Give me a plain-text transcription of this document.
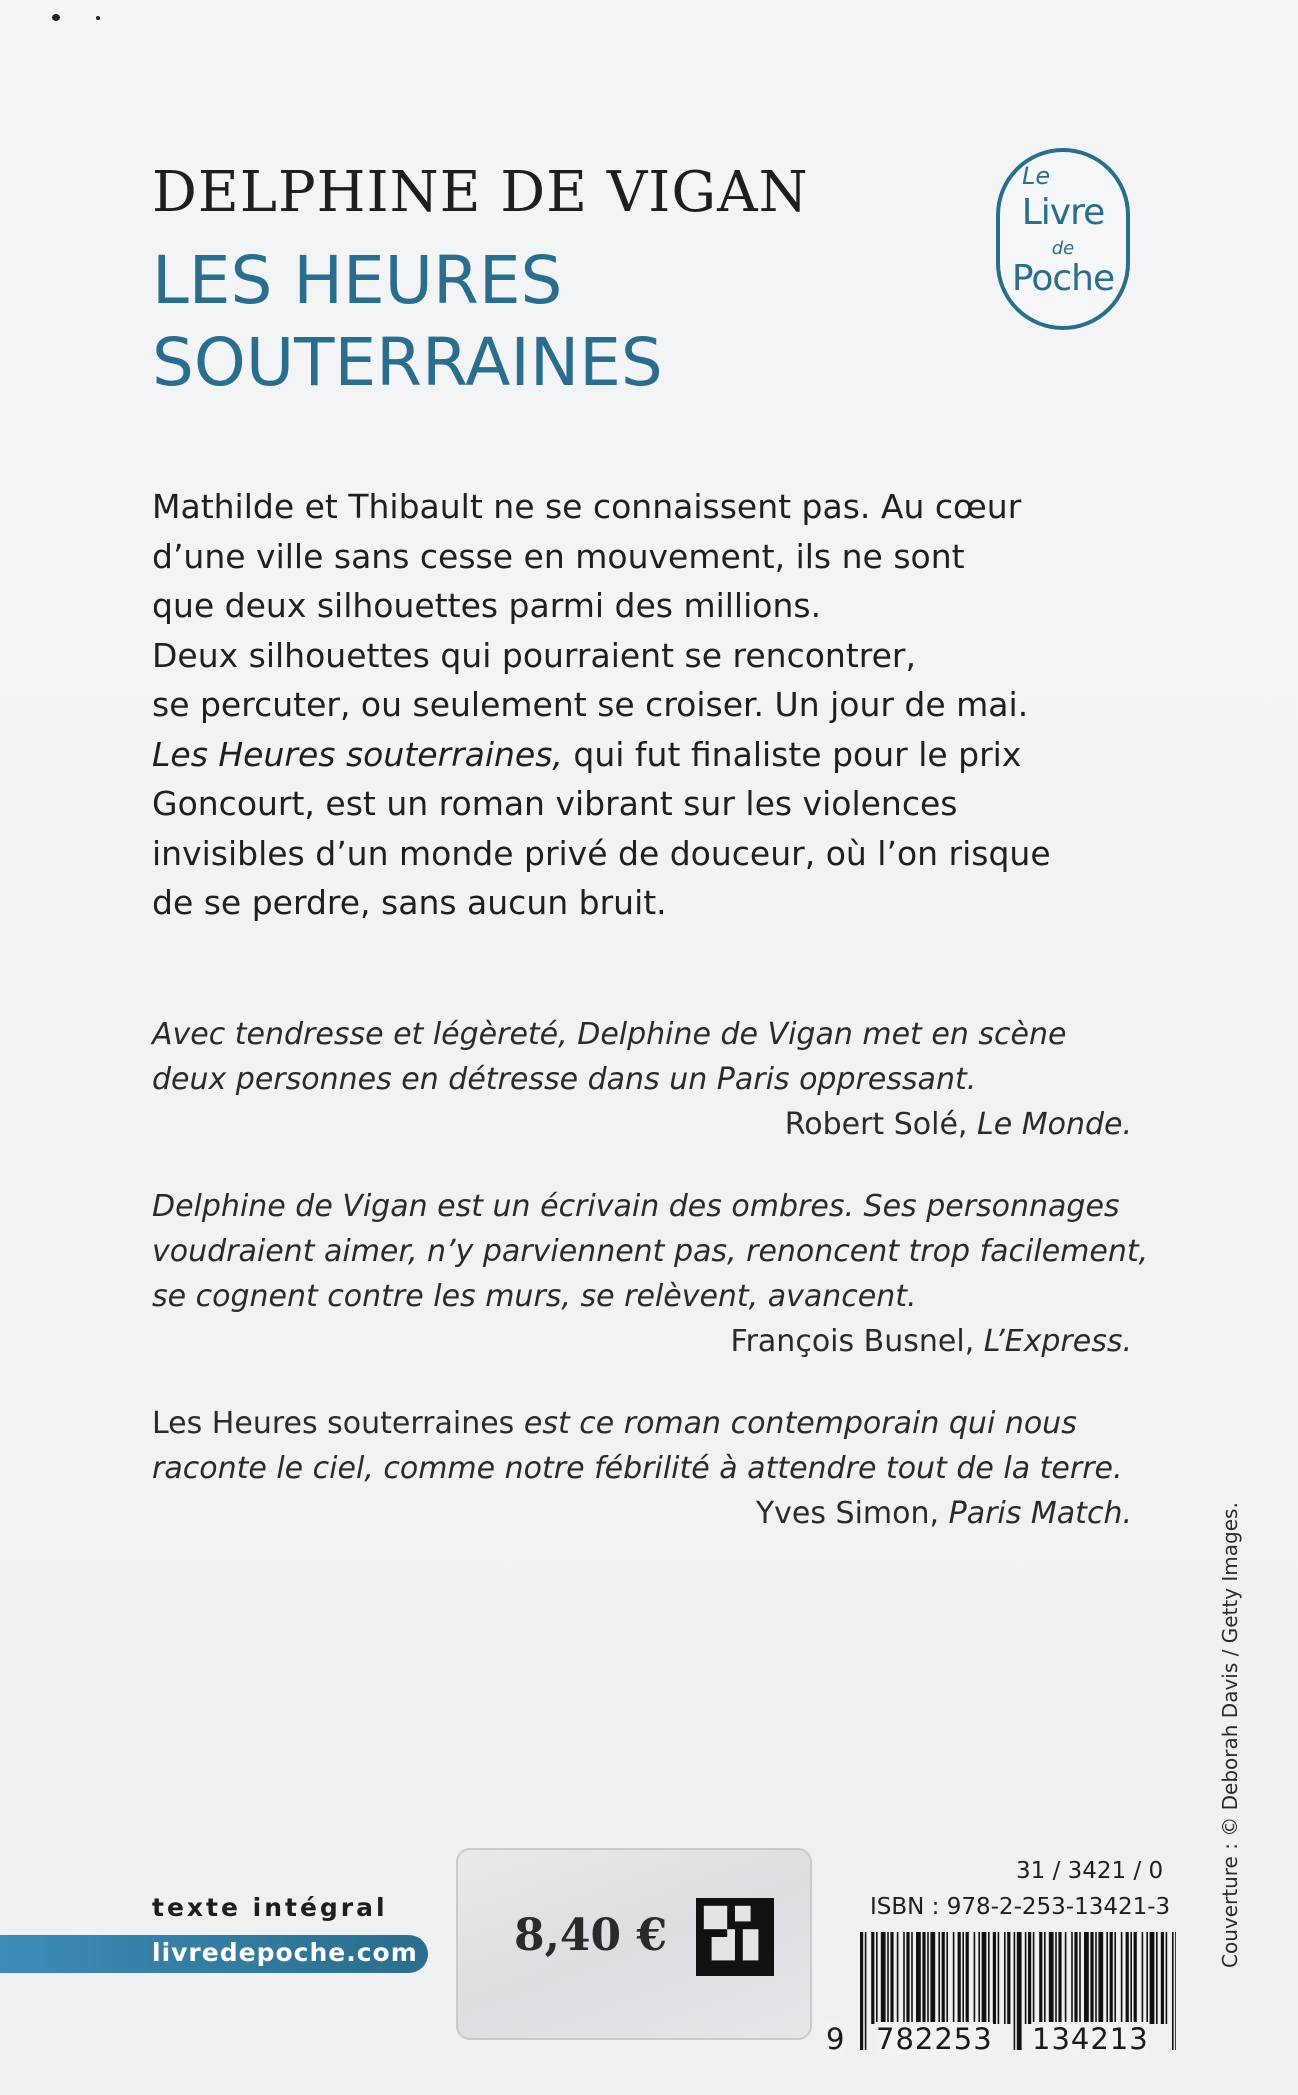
DELPHINE DE VIGAN
LES HEURES
SOUTERRAINES
Le
Livre
de
Poche
Mathilde et Thibault ne se connaissent pas. Au cœur
d’une ville sans cesse en mouvement, ils ne sont
que deux silhouettes parmi des millions.
Deux silhouettes qui pourraient se rencontrer,
se percuter, ou seulement se croiser. Un jour de mai.
Les Heures souterraines, qui fut finaliste pour le prix
Goncourt, est un roman vibrant sur les violences
invisibles d’un monde privé de douceur, où l’on risque
de se perdre, sans aucun bruit.
Avec tendresse et légèreté, Delphine de Vigan met en scène
deux personnes en détresse dans un Paris oppressant.
Robert Solé, Le Monde.
Delphine de Vigan est un écrivain des ombres. Ses personnages
voudraient aimer, n’y parviennent pas, renoncent trop facilement,
se cognent contre les murs, se relèvent, avancent.
François Busnel, L’Express.
Les Heures souterraines est ce roman contemporain qui nous
raconte le ciel, comme notre fébrilité à attendre tout de la terre.
Yves Simon, Paris Match.	Couverture : © Deborah Davis / Getty Images.
texte intégral
livredepoche.com 8,40 €
31 / 3421 / 0
ISBN : 978-2-253-13421-3
9 782253 134213
